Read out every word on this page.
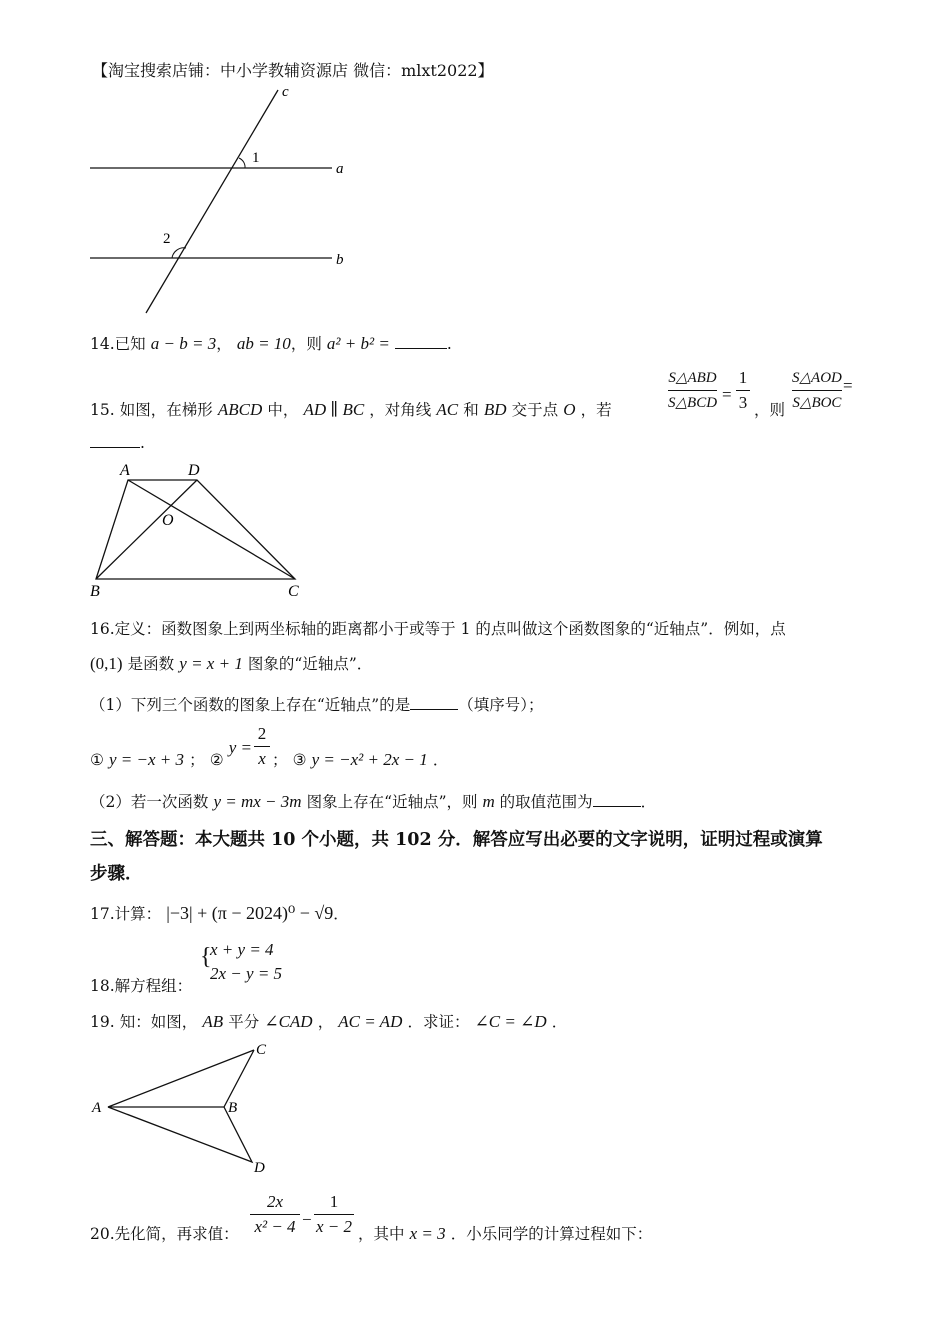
【淘宝搜索店铺：中小学教辅资源店 微信：mlxt2022】
c
a
b
1
2
14.已知 a − b = 3， ab = 10，则 a² + b² =	.
15. 如图，在梯形 ABCD 中， AD ∥ BC ，对角线 AC 和 BD 交于点 O ，若
S△ABD
S△BCD =
1
3 ，则
S△AOD
S△BOC
=
.
A	D
O
B	C
16.定义：函数图象上到两坐标轴的距离都小于或等于 1 的点叫做这个函数图象的“近轴点”．例如，点
(0,1) 是函数 y = x + 1 图象的“近轴点”．
（1）下列三个函数的图象上存在“近轴点”的是	（填序号）；
① y = −x + 3 ； ② y =
2
x ； ③ y = −x² + 2x − 1 ．
（2）若一次函数 y = mx − 3m 图象上存在“近轴点”，则 m 的取值范围为	．
三、解答题：本大题共 10 个小题，共 102 分．解答应写出必要的文字说明，证明过程或演算
步骤．
17.计算： |−3| + (π − 2024)⁰ − √9．
18.解方程组：
{
x + y = 4
2x − y = 5
19. 知：如图， AB 平分 ∠CAD ， AC = AD ．求证： ∠C = ∠D ．
C
A	B
D
20.先化简，再求值：
2x
x² − 4 −
1
x − 2 ，其中 x = 3 ．小乐同学的计算过程如下：
